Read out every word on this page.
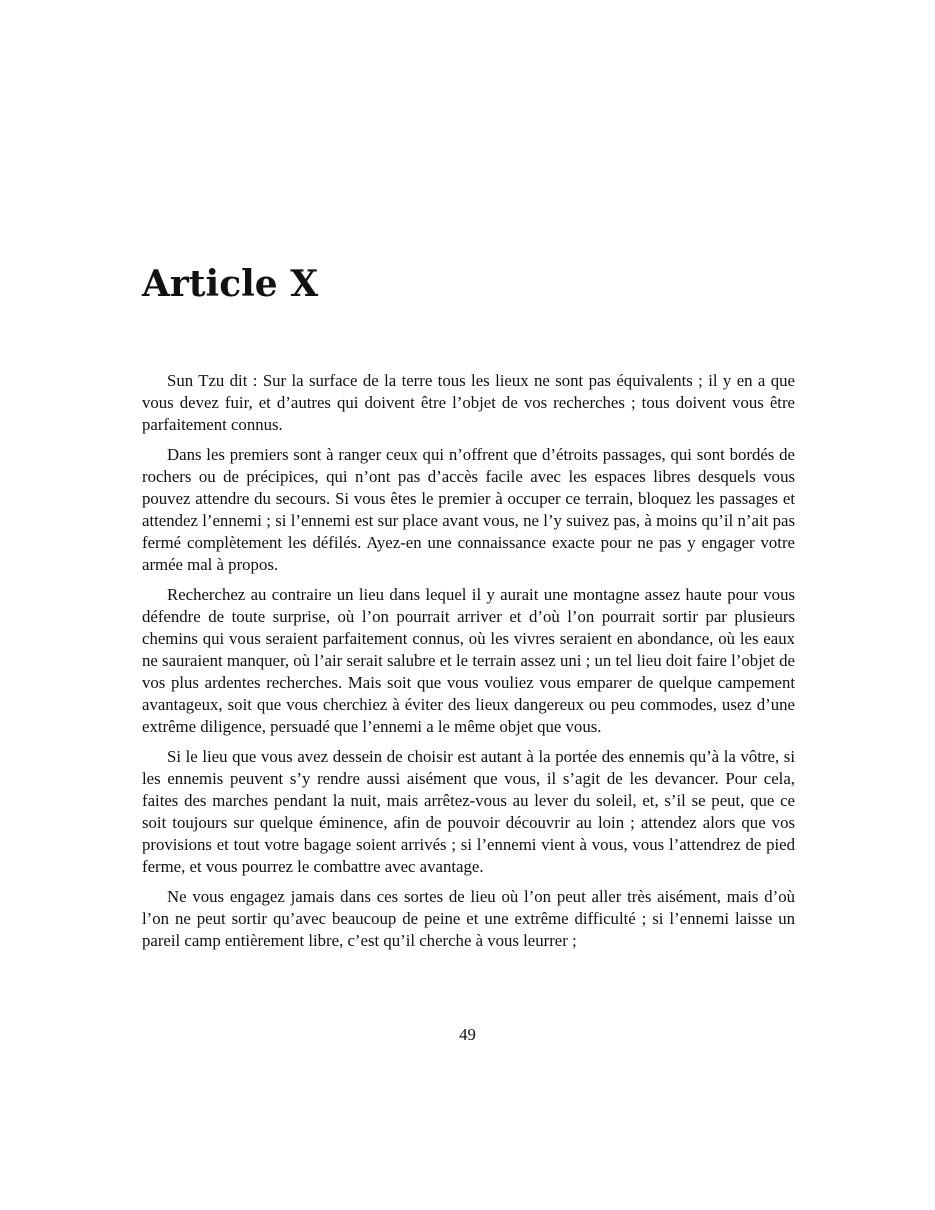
Article X

Sun Tzu dit : Sur la surface de la terre tous les lieux ne sont pas équivalents ; il y en a que vous devez fuir, et d’autres qui doivent être l’objet de vos recherches ; tous doivent vous être parfaitement connus.

Dans les premiers sont à ranger ceux qui n’offrent que d’étroits passages, qui sont bordés de rochers ou de précipices, qui n’ont pas d’accès facile avec les espaces libres desquels vous pouvez attendre du secours. Si vous êtes le premier à occuper ce terrain, bloquez les passages et attendez l’ennemi ; si l’ennemi est sur place avant vous, ne l’y suivez pas, à moins qu’il n’ait pas fermé complètement les défilés. Ayez-en une connaissance exacte pour ne pas y engager votre armée mal à propos.

Recherchez au contraire un lieu dans lequel il y aurait une montagne assez haute pour vous défendre de toute surprise, où l’on pourrait arriver et d’où l’on pourrait sortir par plusieurs chemins qui vous seraient parfaitement connus, où les vivres seraient en abondance, où les eaux ne sauraient manquer, où l’air serait salubre et le terrain assez uni ; un tel lieu doit faire l’objet de vos plus ardentes recherches. Mais soit que vous vouliez vous emparer de quelque campement avantageux, soit que vous cherchiez à éviter des lieux dangereux ou peu commodes, usez d’une extrême diligence, persuadé que l’ennemi a le même objet que vous.

Si le lieu que vous avez dessein de choisir est autant à la portée des ennemis qu’à la vôtre, si les ennemis peuvent s’y rendre aussi aisément que vous, il s’agit de les devancer. Pour cela, faites des marches pendant la nuit, mais arrêtez-vous au lever du soleil, et, s’il se peut, que ce soit toujours sur quelque éminence, afin de pouvoir découvrir au loin ; attendez alors que vos provisions et tout votre bagage soient arrivés ; si l’ennemi vient à vous, vous l’attendrez de pied ferme, et vous pourrez le combattre avec avantage.

Ne vous engagez jamais dans ces sortes de lieu où l’on peut aller très aisément, mais d’où l’on ne peut sortir qu’avec beaucoup de peine et une extrême difficulté ; si l’ennemi laisse un pareil camp entièrement libre, c’est qu’il cherche à vous leurrer ;

49
